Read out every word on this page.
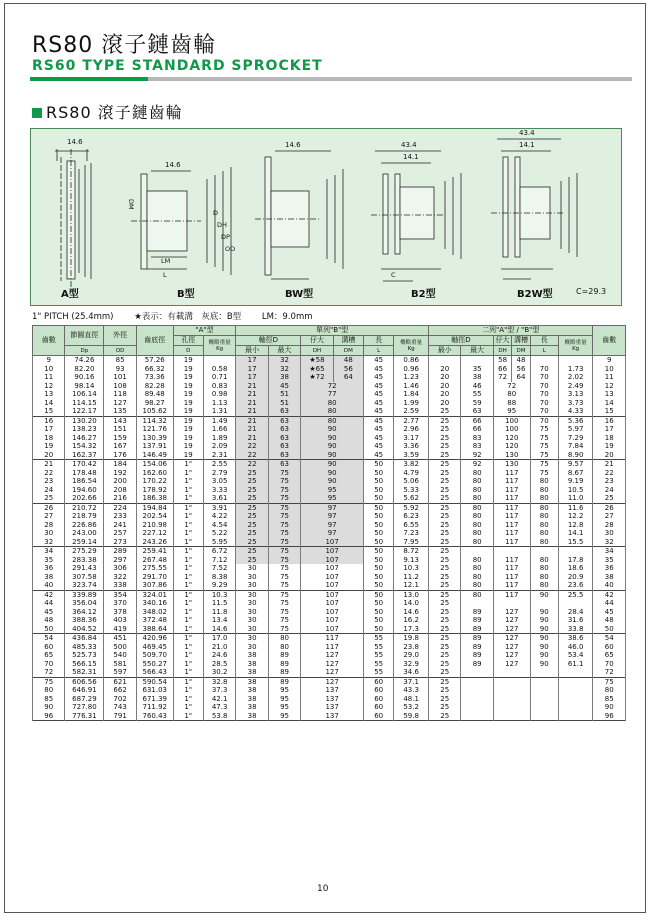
RS80 滾子鏈齒輪
RS60 TYPE STANDARD SPROCKET
RS80 滾子鏈齒輪
A型	B型	BW型	B2型	B2W型
14.6
14.6
14.6	43.4
14.1
43.4
14.1
DM
D
DH
DP
OD
LM
L	C
C=29.3
1" PITCH (25.4mm) ★表示：有載溝　灰底：B型 LM：9.0mm
齒數	節圓直徑	外徑	齒底徑	"A"型		單列"B"型						二列"A"型 / "B"型						齒數
				孔徑	概略重量
Kg	軸徑D		仔大	溝槽	長	概略重量
Kg	軸徑D		仔大	溝槽	長	概略重量
Kg	
	Dp	OD		D		最小	最大	DH	DM	L		最小	最大	DH	DM	L		
9	74.26	85	57.26	19		17	32	★58	48	45	0.86			58	48			9
10	82.20	93	66.32	19	0.58	17	32	★65	56	45	0.96	20	35	66	56	70	1.73	10
11	90.16	101	73.36	19	0.71	17	38	★72	64	45	1.23	20	38	72	64	70	2.02	11
12	98.14	108	82.28	19	0.83	21	45	72		45	1.46	20	46	72		70	2.49	12
13	106.14	118	89.48	19	0.98	21	51	77		45	1.84	20	55	80		70	3.13	13
14	114.15	127	98.27	19	1.13	21	51	80		45	1.99	20	59	88		70	3.73	14
15	122.17	135	105.62	19	1.31	21	63	80		45	2.59	25	63	95		70	4.33	15
16	130.20	143	114.32	19	1.49	21	63	80		45	2.77	25	66	100		70	5.36	16
17	138.23	151	121.76	19	1.66	21	63	90		45	2.96	25	66	100		75	5.97	17
18	146.27	159	130.39	19	1.89	21	63	90		45	3.17	25	83	120		75	7.29	18
19	154.32	167	137.91	19	2.09	22	63	90		45	3.36	25	83	120		75	7.84	19
20	162.37	176	146.49	19	2.31	22	63	90		45	3.59	25	92	130		75	8.90	20
21	170.42	184	154.06	1"	2.55	22	63	90		50	3.82	25	92	130		75	9.57	21
22	178.48	192	162.60	1"	2.79	25	75	90		50	4.79	25	80	117		75	8.67	22
23	186.54	200	170.22	1"	3.05	25	75	90		50	5.06	25	80	117		80	9.19	23
24	194.60	208	178.92	1"	3.33	25	75	95		50	5.33	25	80	117		80	10.5	24
25	202.66	216	186.38	1"	3.61	25	75	95		50	5.62	25	80	117		80	11.0	25
26	210.72	224	194.84	1"	3.91	25	75	97		50	5.92	25	80	117		80	11.6	26
27	218.79	233	202.54	1"	4.22	25	75	97		50	6.23	25	80	117		80	12.2	27
28	226.86	241	210.98	1"	4.54	25	75	97		50	6.55	25	80	117		80	12.8	28
30	243.00	257	227.12	1"	5.22	25	75	97		50	7.23	25	80	117		80	14.1	30
32	259.14	273	243.26	1"	5.95	25	75	107		50	7.95	25	80	117		80	15.5	32
34	275.29	289	259.41	1"	6.72	25	75	107		50	8.72	25						34
35	283.38	297	267.48	1"	7.12	25	75	107		50	9.13	25	80	117		80	17.8	35
36	291.43	306	275.55	1"	7.52	30	75	107		50	10.3	25	80	117		80	18.6	36
38	307.58	322	291.70	1"	8.38	30	75	107		50	11.2	25	80	117		80	20.9	38
40	323.74	338	307.86	1"	9.29	30	75	107		50	12.1	25	80	117		80	23.6	40
42	339.89	354	324.01	1"	10.3	30	75	107		50	13.0	25	80	117		90	25.5	42
44	356.04	370	340.16	1"	11.5	30	75	107		50	14.0	25						44
45	364.12	378	348.02	1"	11.8	30	75	107		50	14.6	25	89	127		90	28.4	45
48	388.36	403	372.48	1"	13.4	30	75	107		50	16.2	25	89	127		90	31.6	48
50	404.52	419	388.64	1"	14.6	30	75	107		50	17.3	25	89	127		90	33.8	50
54	436.84	451	420.96	1"	17.0	30	80	117		55	19.8	25	89	127		90	38.6	54
60	485.33	500	469.45	1"	21.0	30	80	117		55	23.8	25	89	127		90	46.0	60
65	525.73	540	509.70	1"	24.6	38	89	127		55	29.0	25	89	127		90	53.4	65
70	566.15	581	550.27	1"	28.5	38	89	127		55	32.9	25	89	127		90	61.1	70
72	582.31	597	566.43	1"	30.2	38	89	127		55	34.6	25						72
75	606.56	621	590.54	1"	32.8	38	89	127		60	37.1	25						75
80	646.91	662	631.03	1"	37.3	38	95	137		60	43.3	25						80
85	687.29	702	671.39	1"	42.1	38	95	137		60	48.1	25						85
90	727.80	743	711.92	1"	47.3	38	95	137		60	53.2	25						90
96	776.31	791	760.43	1"	53.8	38	95	137		60	59.8	25						96
10
